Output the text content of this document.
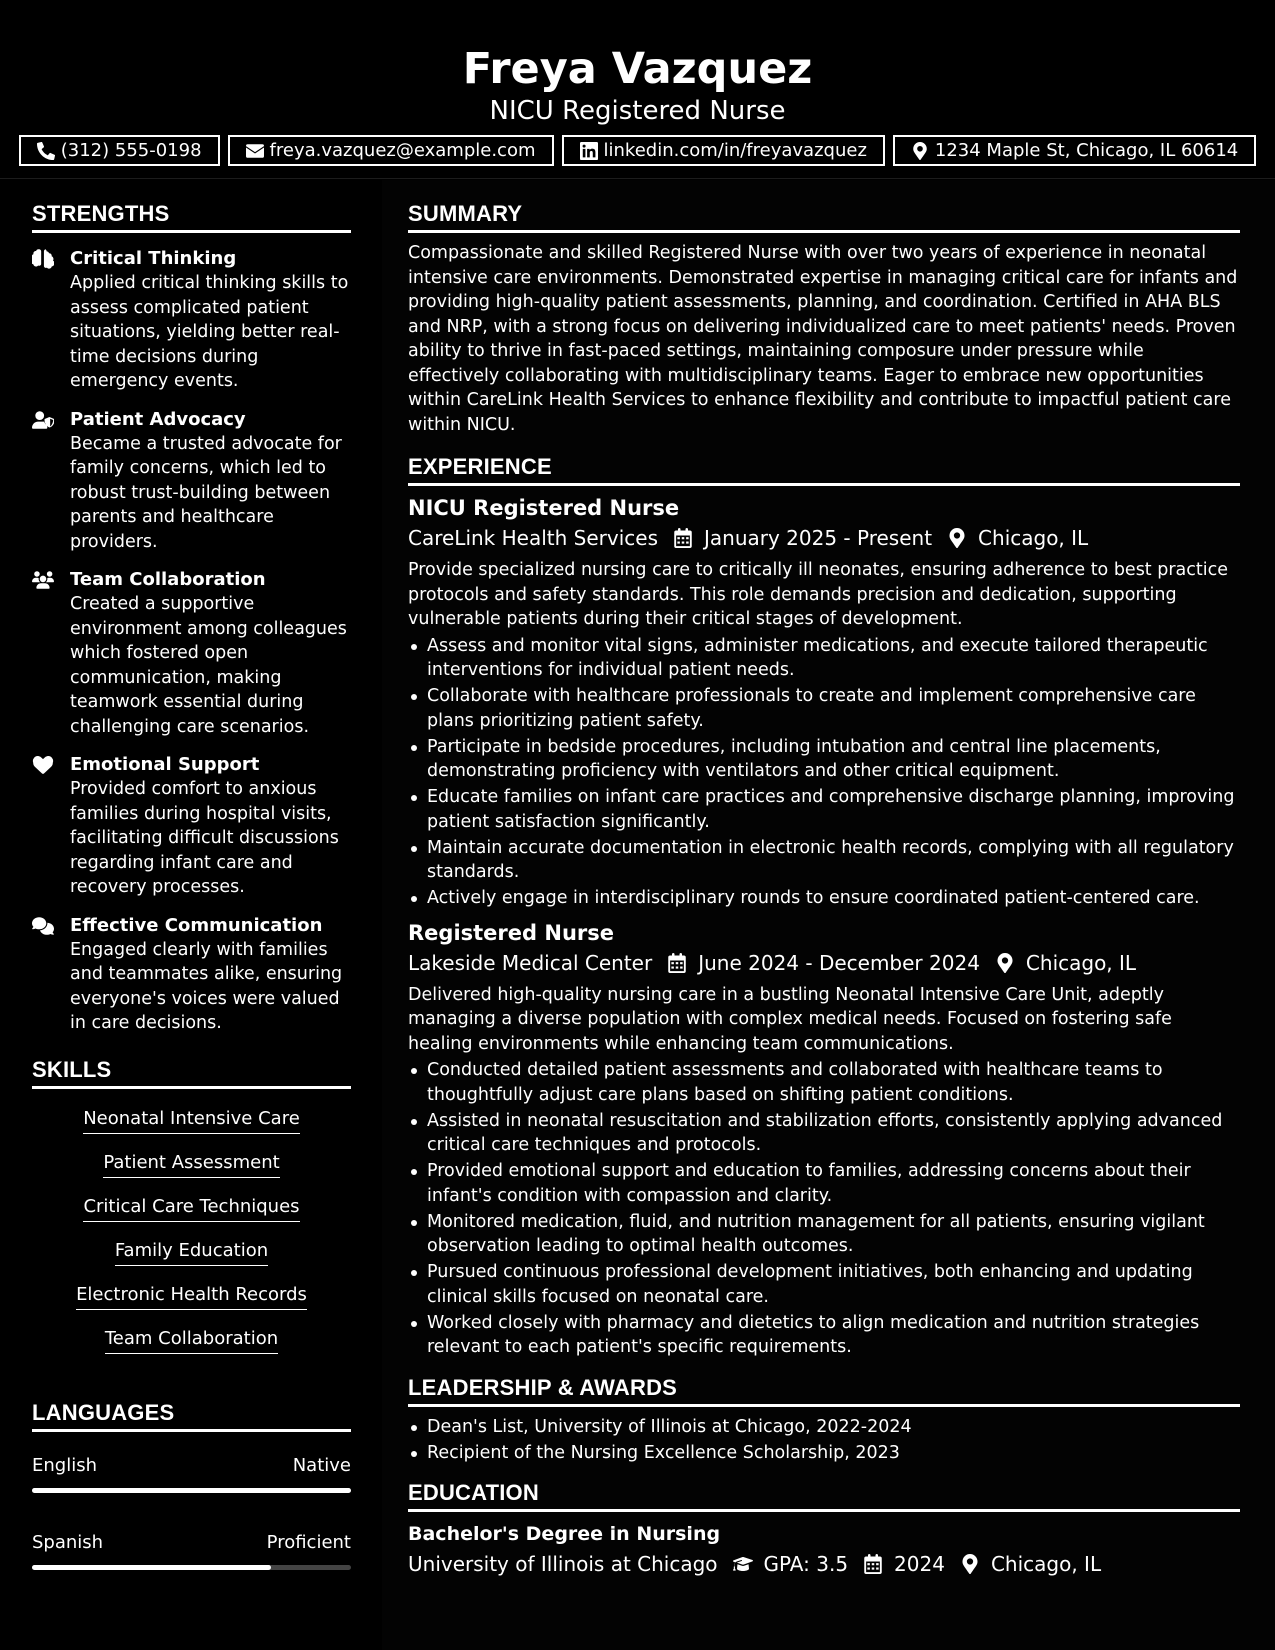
Freya Vazquez
NICU Registered Nurse
(312) 555-0198	freya.vazquez@example.com	linkedin.com/in/freyavazquez	1234 Maple St, Chicago, IL 60614
STRENGTHS
Critical Thinking
Applied critical thinking skills to assess complicated patient situations, yielding better real-time decisions during emergency events.
Patient Advocacy
Became a trusted advocate for family concerns, which led to robust trust-building between parents and healthcare providers.
Team Collaboration
Created a supportive environment among colleagues which fostered open communication, making teamwork essential during challenging care scenarios.
Emotional Support
Provided comfort to anxious families during hospital visits, facilitating difficult discussions regarding infant care and recovery processes.
Effective Communication
Engaged clearly with families and teammates alike, ensuring everyone's voices were valued in care decisions.
SKILLS
Neonatal Intensive Care
Patient Assessment
Critical Care Techniques
Family Education
Electronic Health Records
Team Collaboration
LANGUAGES
English	Native
Spanish	Proficient
SUMMARY
Compassionate and skilled Registered Nurse with over two years of experience in neonatal intensive care environments. Demonstrated expertise in managing critical care for infants and providing high-quality patient assessments, planning, and coordination. Certified in AHA BLS and NRP, with a strong focus on delivering individualized care to meet patients' needs. Proven ability to thrive in fast-paced settings, maintaining composure under pressure while effectively collaborating with multidisciplinary teams. Eager to embrace new opportunities within CareLink Health Services to enhance flexibility and contribute to impactful patient care within NICU.
EXPERIENCE
NICU Registered Nurse
CareLink Health Services January 2025 - Present Chicago, IL
Provide specialized nursing care to critically ill neonates, ensuring adherence to best practice protocols and safety standards. This role demands precision and dedication, supporting vulnerable patients during their critical stages of development.
Assess and monitor vital signs, administer medications, and execute tailored therapeutic interventions for individual patient needs.
Collaborate with healthcare professionals to create and implement comprehensive care plans prioritizing patient safety.
Participate in bedside procedures, including intubation and central line placements, demonstrating proficiency with ventilators and other critical equipment.
Educate families on infant care practices and comprehensive discharge planning, improving patient satisfaction significantly.
Maintain accurate documentation in electronic health records, complying with all regulatory standards.
Actively engage in interdisciplinary rounds to ensure coordinated patient-centered care.
Registered Nurse
Lakeside Medical Center June 2024 - December 2024 Chicago, IL
Delivered high-quality nursing care in a bustling Neonatal Intensive Care Unit, adeptly managing a diverse population with complex medical needs. Focused on fostering safe healing environments while enhancing team communications.
Conducted detailed patient assessments and collaborated with healthcare teams to thoughtfully adjust care plans based on shifting patient conditions.
Assisted in neonatal resuscitation and stabilization efforts, consistently applying advanced critical care techniques and protocols.
Provided emotional support and education to families, addressing concerns about their infant's condition with compassion and clarity.
Monitored medication, fluid, and nutrition management for all patients, ensuring vigilant observation leading to optimal health outcomes.
Pursued continuous professional development initiatives, both enhancing and updating clinical skills focused on neonatal care.
Worked closely with pharmacy and dietetics to align medication and nutrition strategies relevant to each patient's specific requirements.
LEADERSHIP & AWARDS
Dean's List, University of Illinois at Chicago, 2022-2024
Recipient of the Nursing Excellence Scholarship, 2023
EDUCATION
Bachelor's Degree in Nursing
University of Illinois at Chicago GPA: 3.5 2024 Chicago, IL
